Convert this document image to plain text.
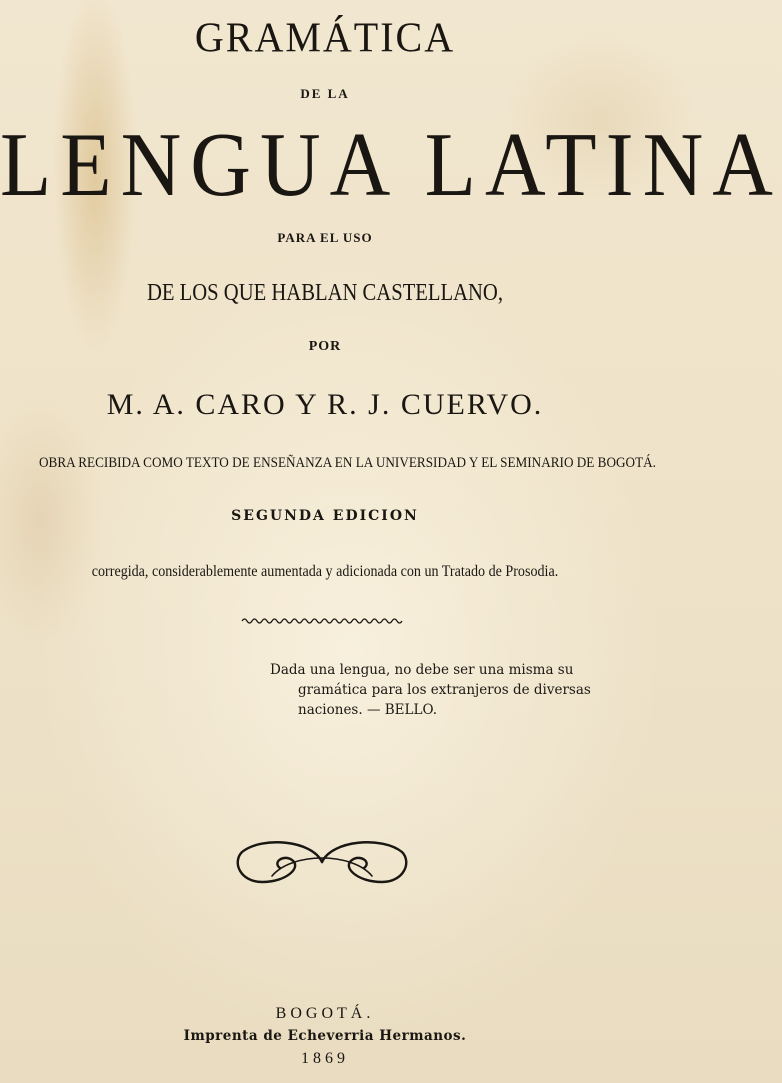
GRAMÁTICA
DE LA
LENGUA LATINA
PARA EL USO
DE LOS QUE HABLAN CASTELLANO,
POR
M. A. CARO Y R. J. CUERVO.
OBRA RECIBIDA COMO TEXTO DE ENSEÑANZA EN LA UNIVERSIDAD Y EL SEMINARIO DE BOGOTÁ.
SEGUNDA EDICION
corregida, considerablemente aumentada y adicionada con un Tratado de Prosodia.
Dada una lengua, no debe ser una misma su
gramática para los extranjeros de diversas
naciones. — BELLO.
BOGOTÁ.
Imprenta de Echeverria Hermanos.
1869
